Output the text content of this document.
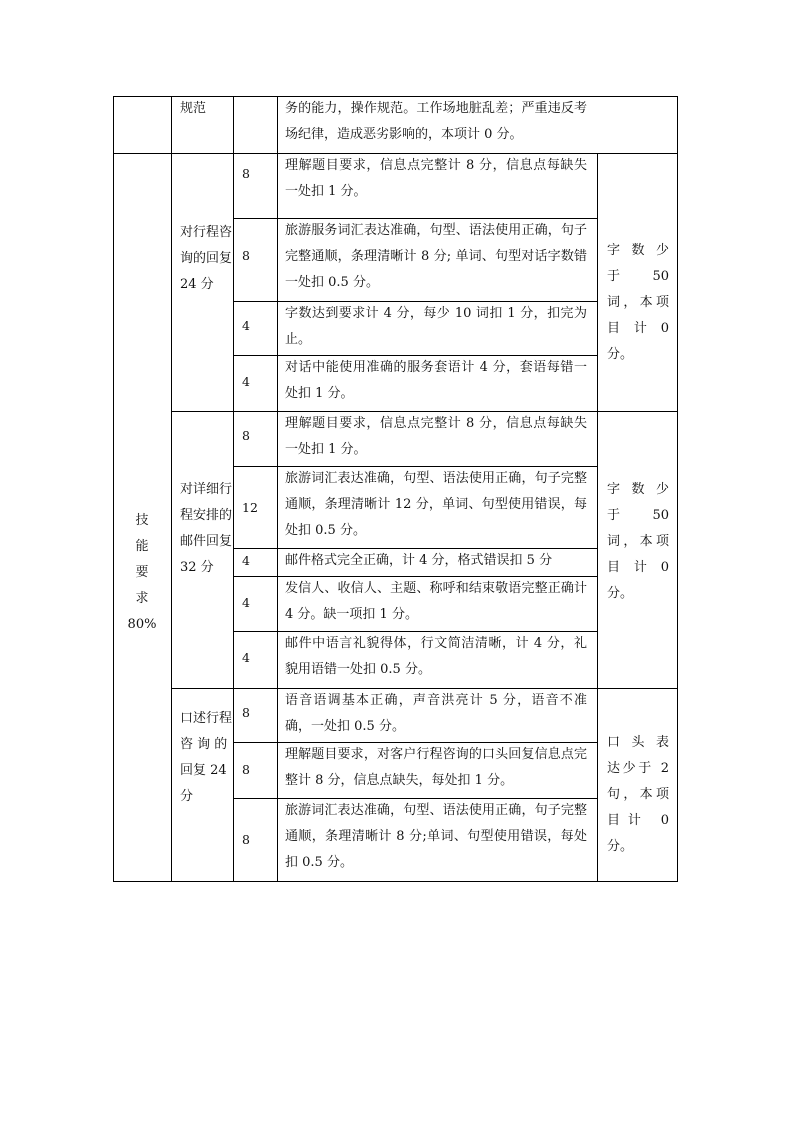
规范	务的能力，操作规范。工作场地脏乱差；严重违反考场纪律，造成恶劣影响的，本项计 0 分。
技
能
要
求
80%
对行程咨询的回复 24 分
字 数 少 于 50 词，本项 目 计 0 分。
8
理解题目要求，信息点完整计 8 分，信息点每缺失一处扣 1 分。
8
旅游服务词汇表达准确，句型、语法使用正确，句子完整通顺，条理清晰计 8 分; 单词、句型对话字数错一处扣 0.5 分。
4
字数达到要求计 4 分，每少 10 词扣 1 分，扣完为止。
4
对话中能使用准确的服务套语计 4 分，套语每错一处扣 1 分。
对详细行程安排的邮件回复 32 分
字 数 少 于 50 词，本项 目 计 0 分。
8
理解题目要求，信息点完整计 8 分，信息点每缺失一处扣 1 分。
12
旅游词汇表达准确，句型、语法使用正确，句子完整通顺，条理清晰计 12 分，单词、句型使用错误，每处扣 0.5 分。
4	邮件格式完全正确，计 4 分，格式错误扣 5 分
4
发信人、收信人、主题、称呼和结束敬语完整正确计 4 分。缺一项扣 1 分。
4
邮件中语言礼貌得体，行文简洁清晰，计 4 分，礼貌用语错一处扣 0.5 分。
口述行程咨 询 的回复 24 分
口 头 表 达少于 2 句，本项目计 0 分。
8
语音语调基本正确，声音洪亮计 5 分，语音不准确，一处扣 0.5 分。
8
理解题目要求，对客户行程咨询的口头回复信息点完整计 8 分，信息点缺失，每处扣 1 分。
8
旅游词汇表达准确，句型、语法使用正确，句子完整通顺，条理清晰计 8 分;单词、句型使用错误，每处扣 0.5 分。
